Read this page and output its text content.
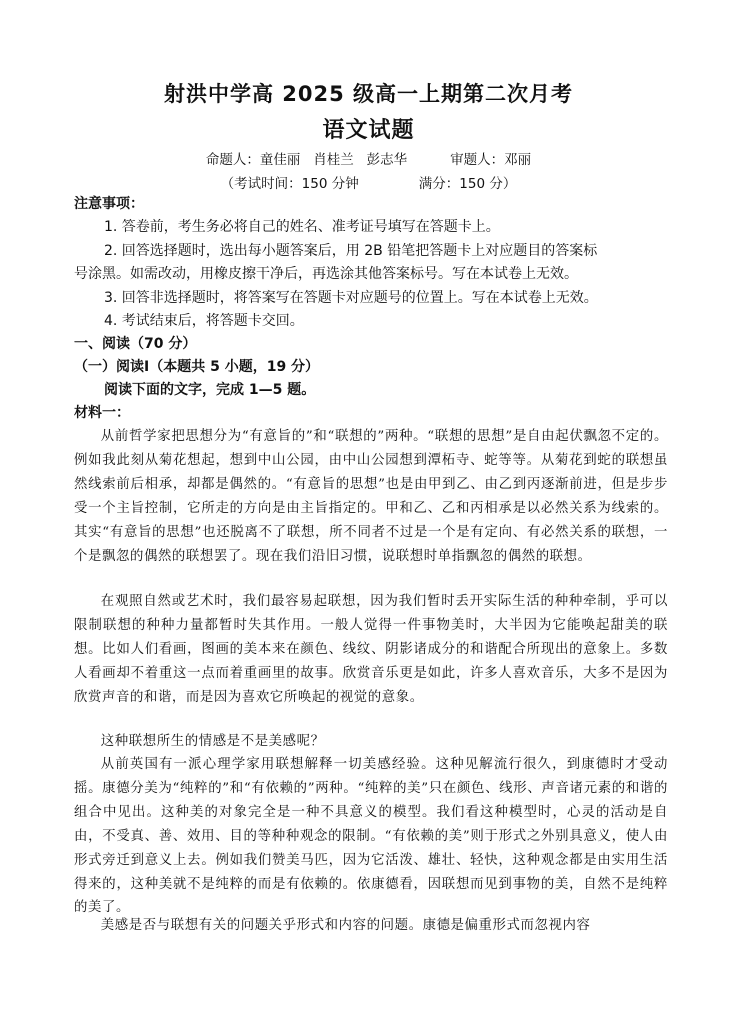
射洪中学高 2025 级高一上期第二次月考
语文试题
命题人：童佳丽   肖桂兰   彭志华          审题人：邓丽
（考试时间：150 分钟              满分：150 分）
注意事项：
1. 答卷前，考生务必将自己的姓名、准考证号填写在答题卡上。
2. 回答选择题时，选出每小题答案后，用 2B 铅笔把答题卡上对应题目的答案标
号涂黑。如需改动，用橡皮擦干净后，再选涂其他答案标号。写在本试卷上无效。
3. 回答非选择题时，将答案写在答题卡对应题号的位置上。写在本试卷上无效。
4. 考试结束后，将答题卡交回。
一、阅读（70 分）
（一）阅读Ⅰ（本题共 5 小题，19 分）
阅读下面的文字，完成 1—5 题。
材料一：
从前哲学家把思想分为“有意旨的”和“联想的”两种。“联想的思想”是自由起伏飘忽不定的。例如我此刻从菊花想起，想到中山公园，由中山公园想到潭柘寺、蛇等等。从菊花到蛇的联想虽然线索前后相承，却都是偶然的。“有意旨的思想”也是由甲到乙、由乙到丙逐渐前进，但是步步受一个主旨控制，它所走的方向是由主旨指定的。甲和乙、乙和丙相承是以必然关系为线索的。其实“有意旨的思想”也还脱离不了联想，所不同者不过是一个是有定向、有必然关系的联想，一个是飘忽的偶然的联想罢了。现在我们沿旧习惯，说联想时单指飘忽的偶然的联想。
在观照自然或艺术时，我们最容易起联想，因为我们暂时丢开实际生活的种种牵制，乎可以限制联想的种种力量都暂时失其作用。一般人觉得一件事物美时，大半因为它能唤起甜美的联想。比如人们看画，图画的美本来在颜色、线纹、阴影诸成分的和谐配合所现出的意象上。多数人看画却不着重这一点而着重画里的故事。欣赏音乐更是如此，许多人喜欢音乐，大多不是因为欣赏声音的和谐，而是因为喜欢它所唤起的视觉的意象。
这种联想所生的情感是不是美感呢？
从前英国有一派心理学家用联想解释一切美感经验。这种见解流行很久，到康德时才受动摇。康德分美为“纯粹的”和“有依赖的”两种。“纯粹的美”只在颜色、线形、声音诸元素的和谐的组合中见出。这种美的对象完全是一种不具意义的模型。我们看这种模型时，心灵的活动是自由，不受真、善、效用、目的等种种观念的限制。“有依赖的美”则于形式之外别具意义，使人由形式旁迁到意义上去。例如我们赞美马匹，因为它活泼、雄壮、轻快，这种观念都是由实用生活得来的，这种美就不是纯粹的而是有依赖的。依康德看，因联想而见到事物的美，自然不是纯粹的美了。
美感是否与联想有关的问题关乎形式和内容的问题。康德是偏重形式而忽视内容
